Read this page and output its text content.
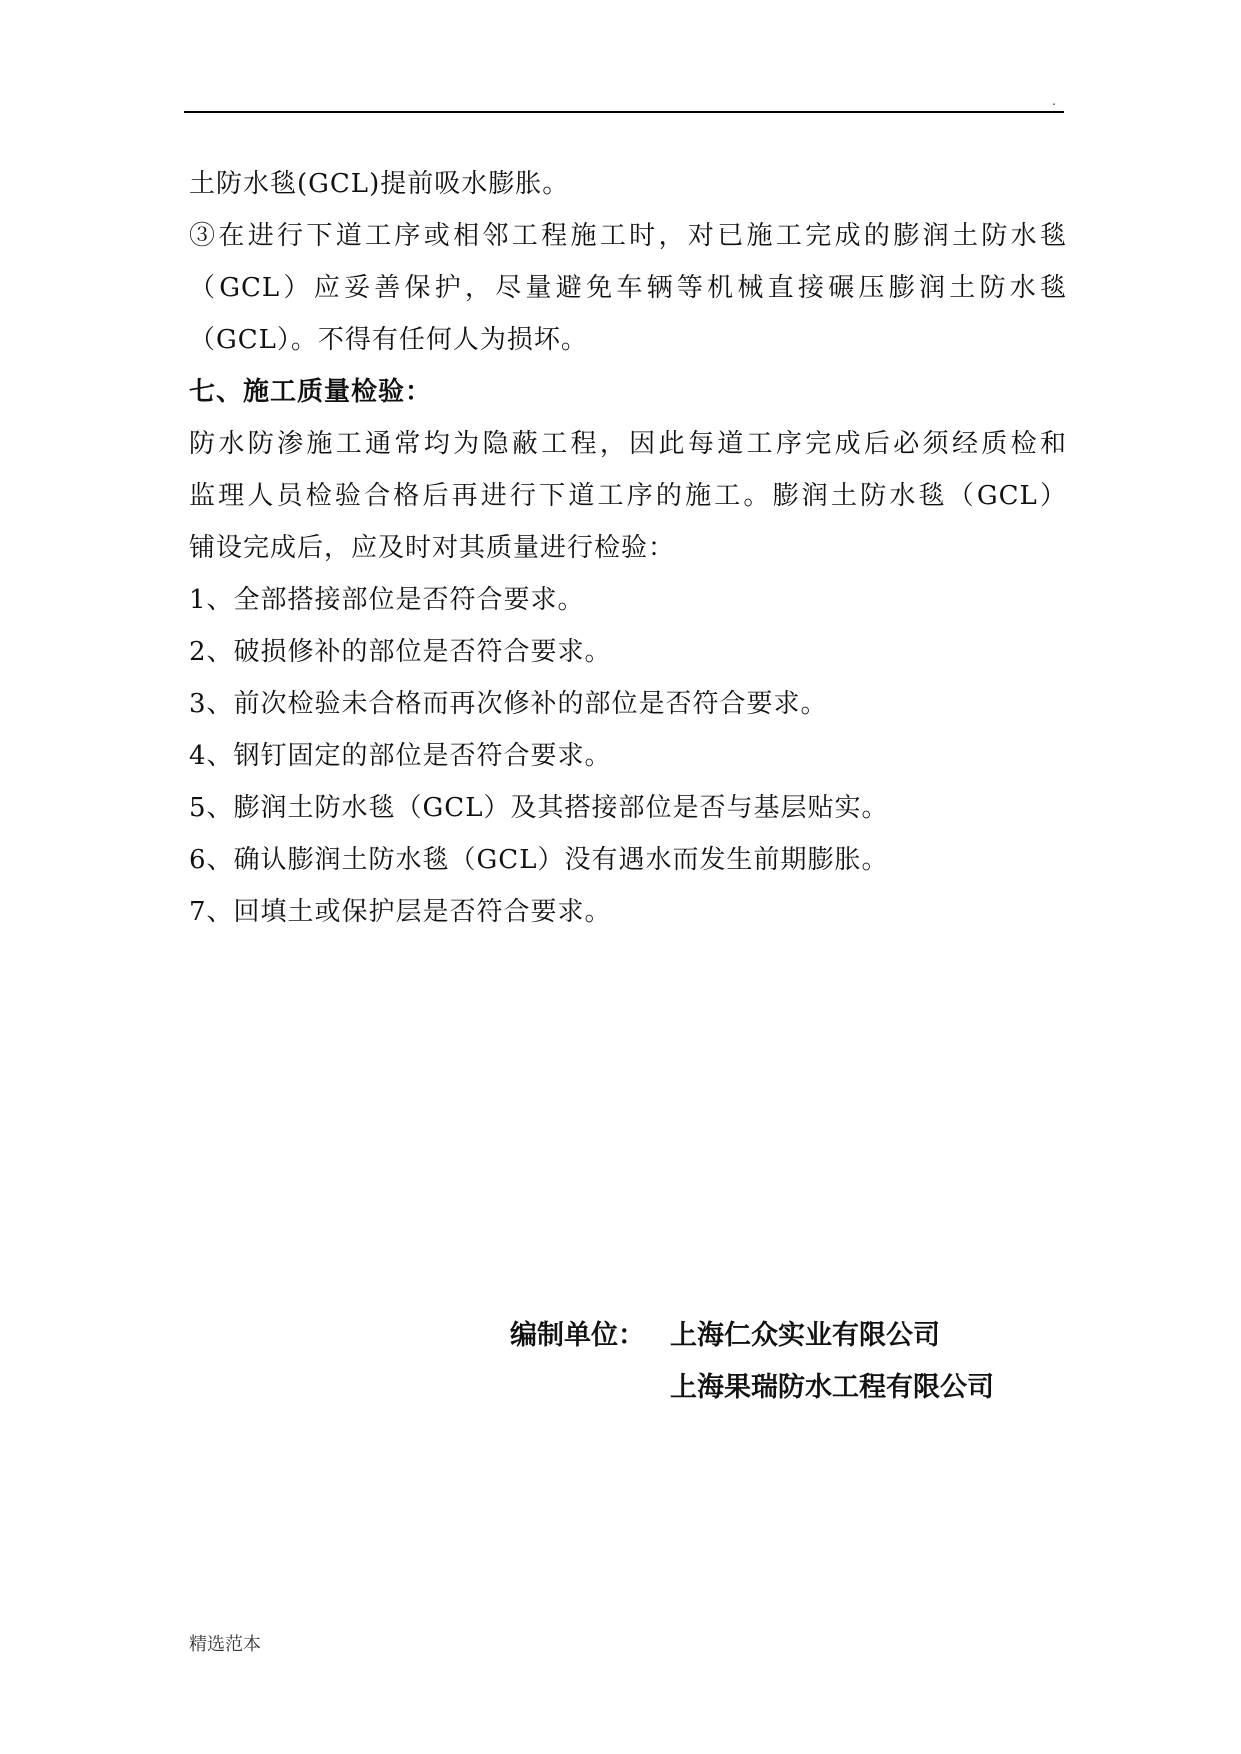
.
土防水毯(GCL)提前吸水膨胀。
③在进行下道工序或相邻工程施工时，对已施工完成的膨润土防水毯
（GCL）应妥善保护，尽量避免车辆等机械直接碾压膨润土防水毯
（GCL）。不得有任何人为损坏。
七、施工质量检验：
防水防渗施工通常均为隐蔽工程，因此每道工序完成后必须经质检和
监理人员检验合格后再进行下道工序的施工。膨润土防水毯（GCL）
铺设完成后，应及时对其质量进行检验：
1、全部搭接部位是否符合要求。
2、破损修补的部位是否符合要求。
3、前次检验未合格而再次修补的部位是否符合要求。
4、钢钉固定的部位是否符合要求。
5、膨润土防水毯（GCL）及其搭接部位是否与基层贴实。
6、确认膨润土防水毯（GCL）没有遇水而发生前期膨胀。
7、回填土或保护层是否符合要求。
编制单位： 上海仁众实业有限公司
上海果瑞防水工程有限公司
精选范本
